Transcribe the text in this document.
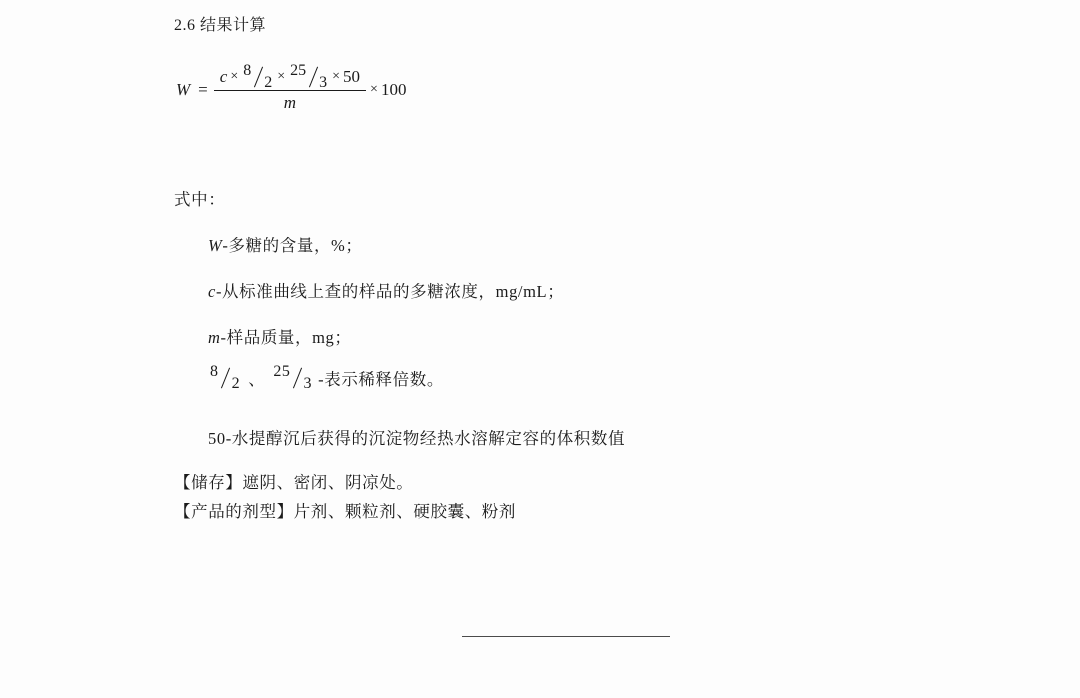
2.6 结果计算
W =
c × 8
2 × 25
3 × 50
m
× 100
式中：
W-多糖的含量，%；
c-从标准曲线上查的样品的多糖浓度，mg/mL；
m-样品质量，mg；
8
2 、 25
3 -表示稀释倍数。
50-水提醇沉后获得的沉淀物经热水溶解定容的体积数值
【储存】遮阴、密闭、阴凉处。
【产品的剂型】片剂、颗粒剂、硬胶囊、粉剂
